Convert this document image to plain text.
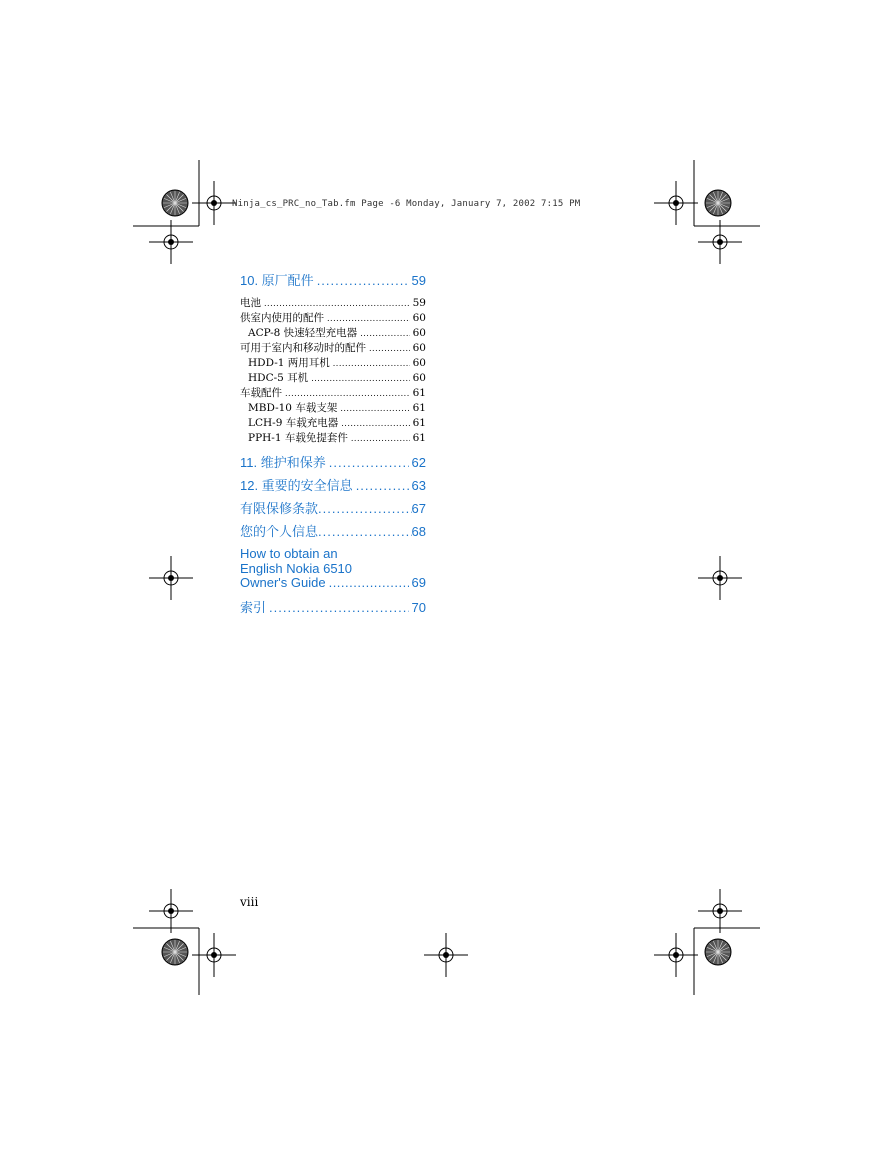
Ninja_cs_PRC_no_Tab.fm Page -6 Monday, January 7, 2002 7:15 PM
10. 原厂配件 .....	59
电池 .....	59
供室内使用的配件 .....	60
ACP-8 快速轻型充电器 .....	60
可用于室内和移动时的配件 .....	60
HDD-1 两用耳机 .....	60
HDC-5 耳机 .....	60
车载配件 .....	61
MBD-10 车载支架 .....	61
LCH-9 车载充电器 .....	61
PPH-1 车载免提套件 .....	61
11. 维护和保养 .....	62
12. 重要的安全信息 .....	63
有限保修条款 .....	67
您的个人信息 .....	68
How to obtain an
English Nokia 6510
Owner's Guide .....	69
索引 .....	70
viii
